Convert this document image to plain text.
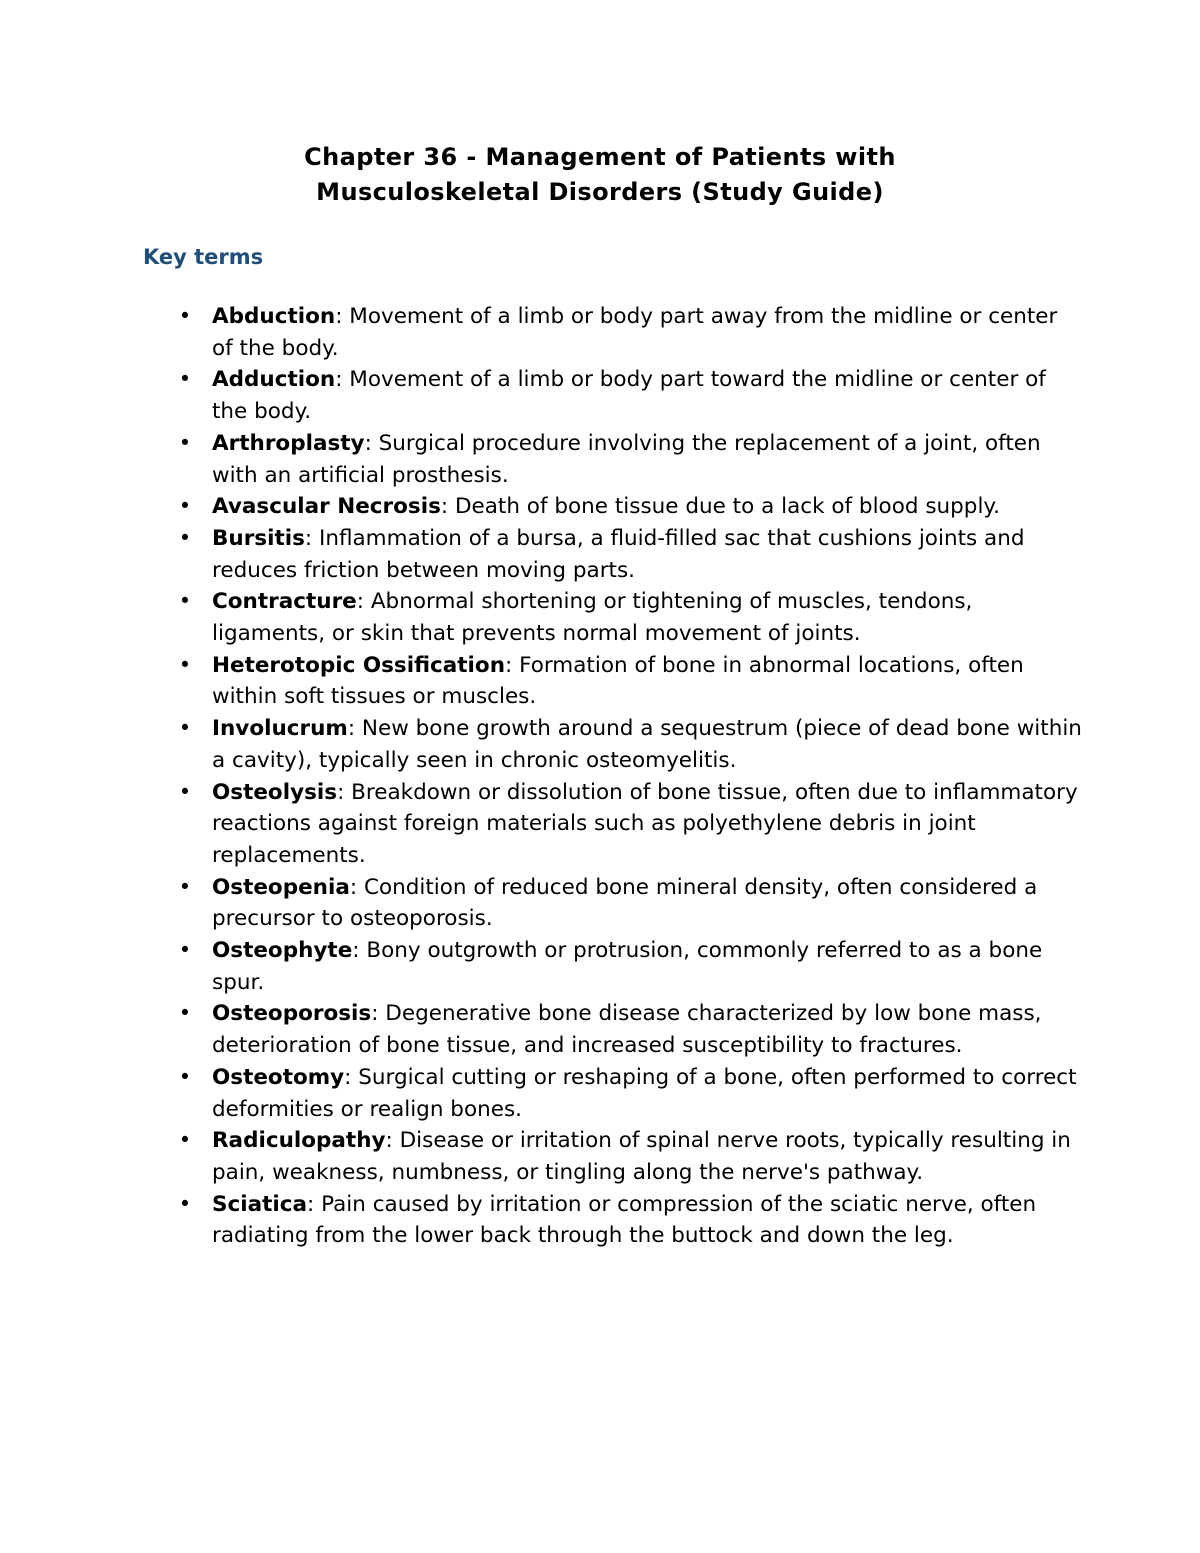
Chapter 36 - Management of Patients with
Musculoskeletal Disorders (Study Guide)
Key terms
• Abduction: Movement of a limb or body part away from the midline or center of the body.
• Adduction: Movement of a limb or body part toward the midline or center of the body.
• Arthroplasty: Surgical procedure involving the replacement of a joint, often with an artificial prosthesis.
• Avascular Necrosis: Death of bone tissue due to a lack of blood supply.
• Bursitis: Inflammation of a bursa, a fluid-filled sac that cushions joints and reduces friction between moving parts.
• Contracture: Abnormal shortening or tightening of muscles, tendons, ligaments, or skin that prevents normal movement of joints.
• Heterotopic Ossification: Formation of bone in abnormal locations, often within soft tissues or muscles.
• Involucrum: New bone growth around a sequestrum (piece of dead bone within a cavity), typically seen in chronic osteomyelitis.
• Osteolysis: Breakdown or dissolution of bone tissue, often due to inflammatory reactions against foreign materials such as polyethylene debris in joint replacements.
• Osteopenia: Condition of reduced bone mineral density, often considered a precursor to osteoporosis.
• Osteophyte: Bony outgrowth or protrusion, commonly referred to as a bone spur.
• Osteoporosis: Degenerative bone disease characterized by low bone mass, deterioration of bone tissue, and increased susceptibility to fractures.
• Osteotomy: Surgical cutting or reshaping of a bone, often performed to correct deformities or realign bones.
• Radiculopathy: Disease or irritation of spinal nerve roots, typically resulting in pain, weakness, numbness, or tingling along the nerve's pathway.
• Sciatica: Pain caused by irritation or compression of the sciatic nerve, often radiating from the lower back through the buttock and down the leg.
